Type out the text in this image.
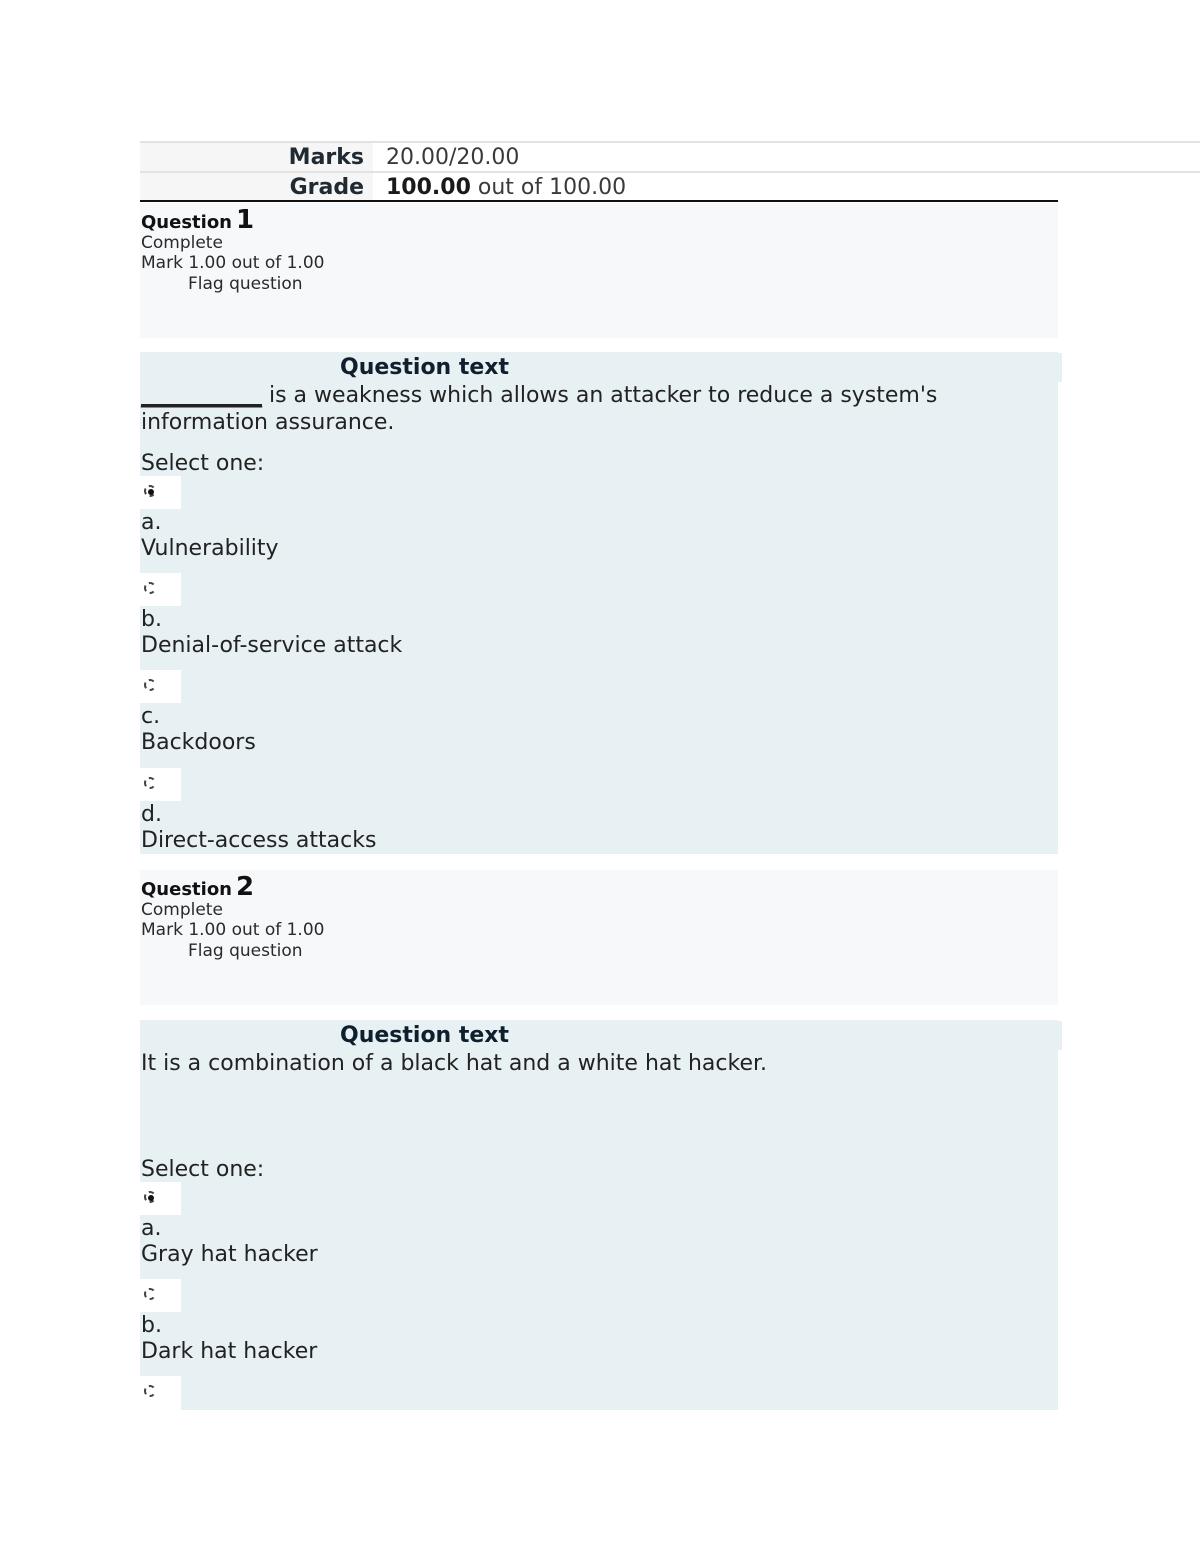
Marks	20.00/20.00
Grade	100.00 out of 100.00
Question 1
Complete
Mark 1.00 out of 1.00
Flag question
Question text
___________ is a weakness which allows an attacker to reduce a system's
information assurance.
Select one:
a.
Vulnerability
b.
Denial-of-service attack
c.
Backdoors
d.
Direct-access attacks
Question 2
Complete
Mark 1.00 out of 1.00
Flag question
Question text
It is a combination of a black hat and a white hat hacker.
Select one:
a.
Gray hat hacker
b.
Dark hat hacker
